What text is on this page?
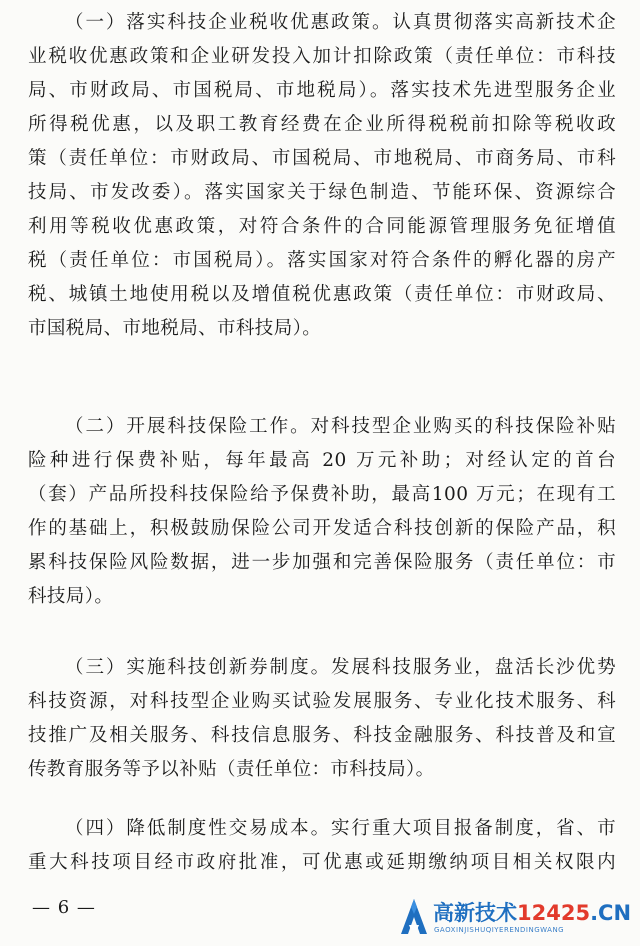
（一）落实科技企业税收优惠政策。认真贯彻落实高新技术企
业税收优惠政策和企业研发投入加计扣除政策（责任单位：市科技
局、市财政局、市国税局、市地税局）。落实技术先进型服务企业
所得税优惠，以及职工教育经费在企业所得税税前扣除等税收政
策（责任单位：市财政局、市国税局、市地税局、市商务局、市科
技局、市发改委）。落实国家关于绿色制造、节能环保、资源综合
利用等税收优惠政策，对符合条件的合同能源管理服务免征增值
税（责任单位：市国税局）。落实国家对符合条件的孵化器的房产
税、城镇土地使用税以及增值税优惠政策（责任单位：市财政局、
市国税局、市地税局、市科技局）。
（二）开展科技保险工作。对科技型企业购买的科技保险补贴
险种进行保费补贴，每年最高 20 万元补助；对经认定的首台
（套）产品所投科技保险给予保费补助，最高100 万元；在现有工
作的基础上，积极鼓励保险公司开发适合科技创新的保险产品，积
累科技保险风险数据，进一步加强和完善保险服务（责任单位：市
科技局）。
（三）实施科技创新券制度。发展科技服务业，盘活长沙优势
科技资源，对科技型企业购买试验发展服务、专业化技术服务、科
技推广及相关服务、科技信息服务、科技金融服务、科技普及和宣
传教育服务等予以补贴（责任单位：市科技局）。
（四）降低制度性交易成本。实行重大项目报备制度，省、市
重大科技项目经市政府批准，可优惠或延期缴纳项目相关权限内
— 6 —	高新技术12425.CN
GAOXINJISHUQIYERENDINGWANG
